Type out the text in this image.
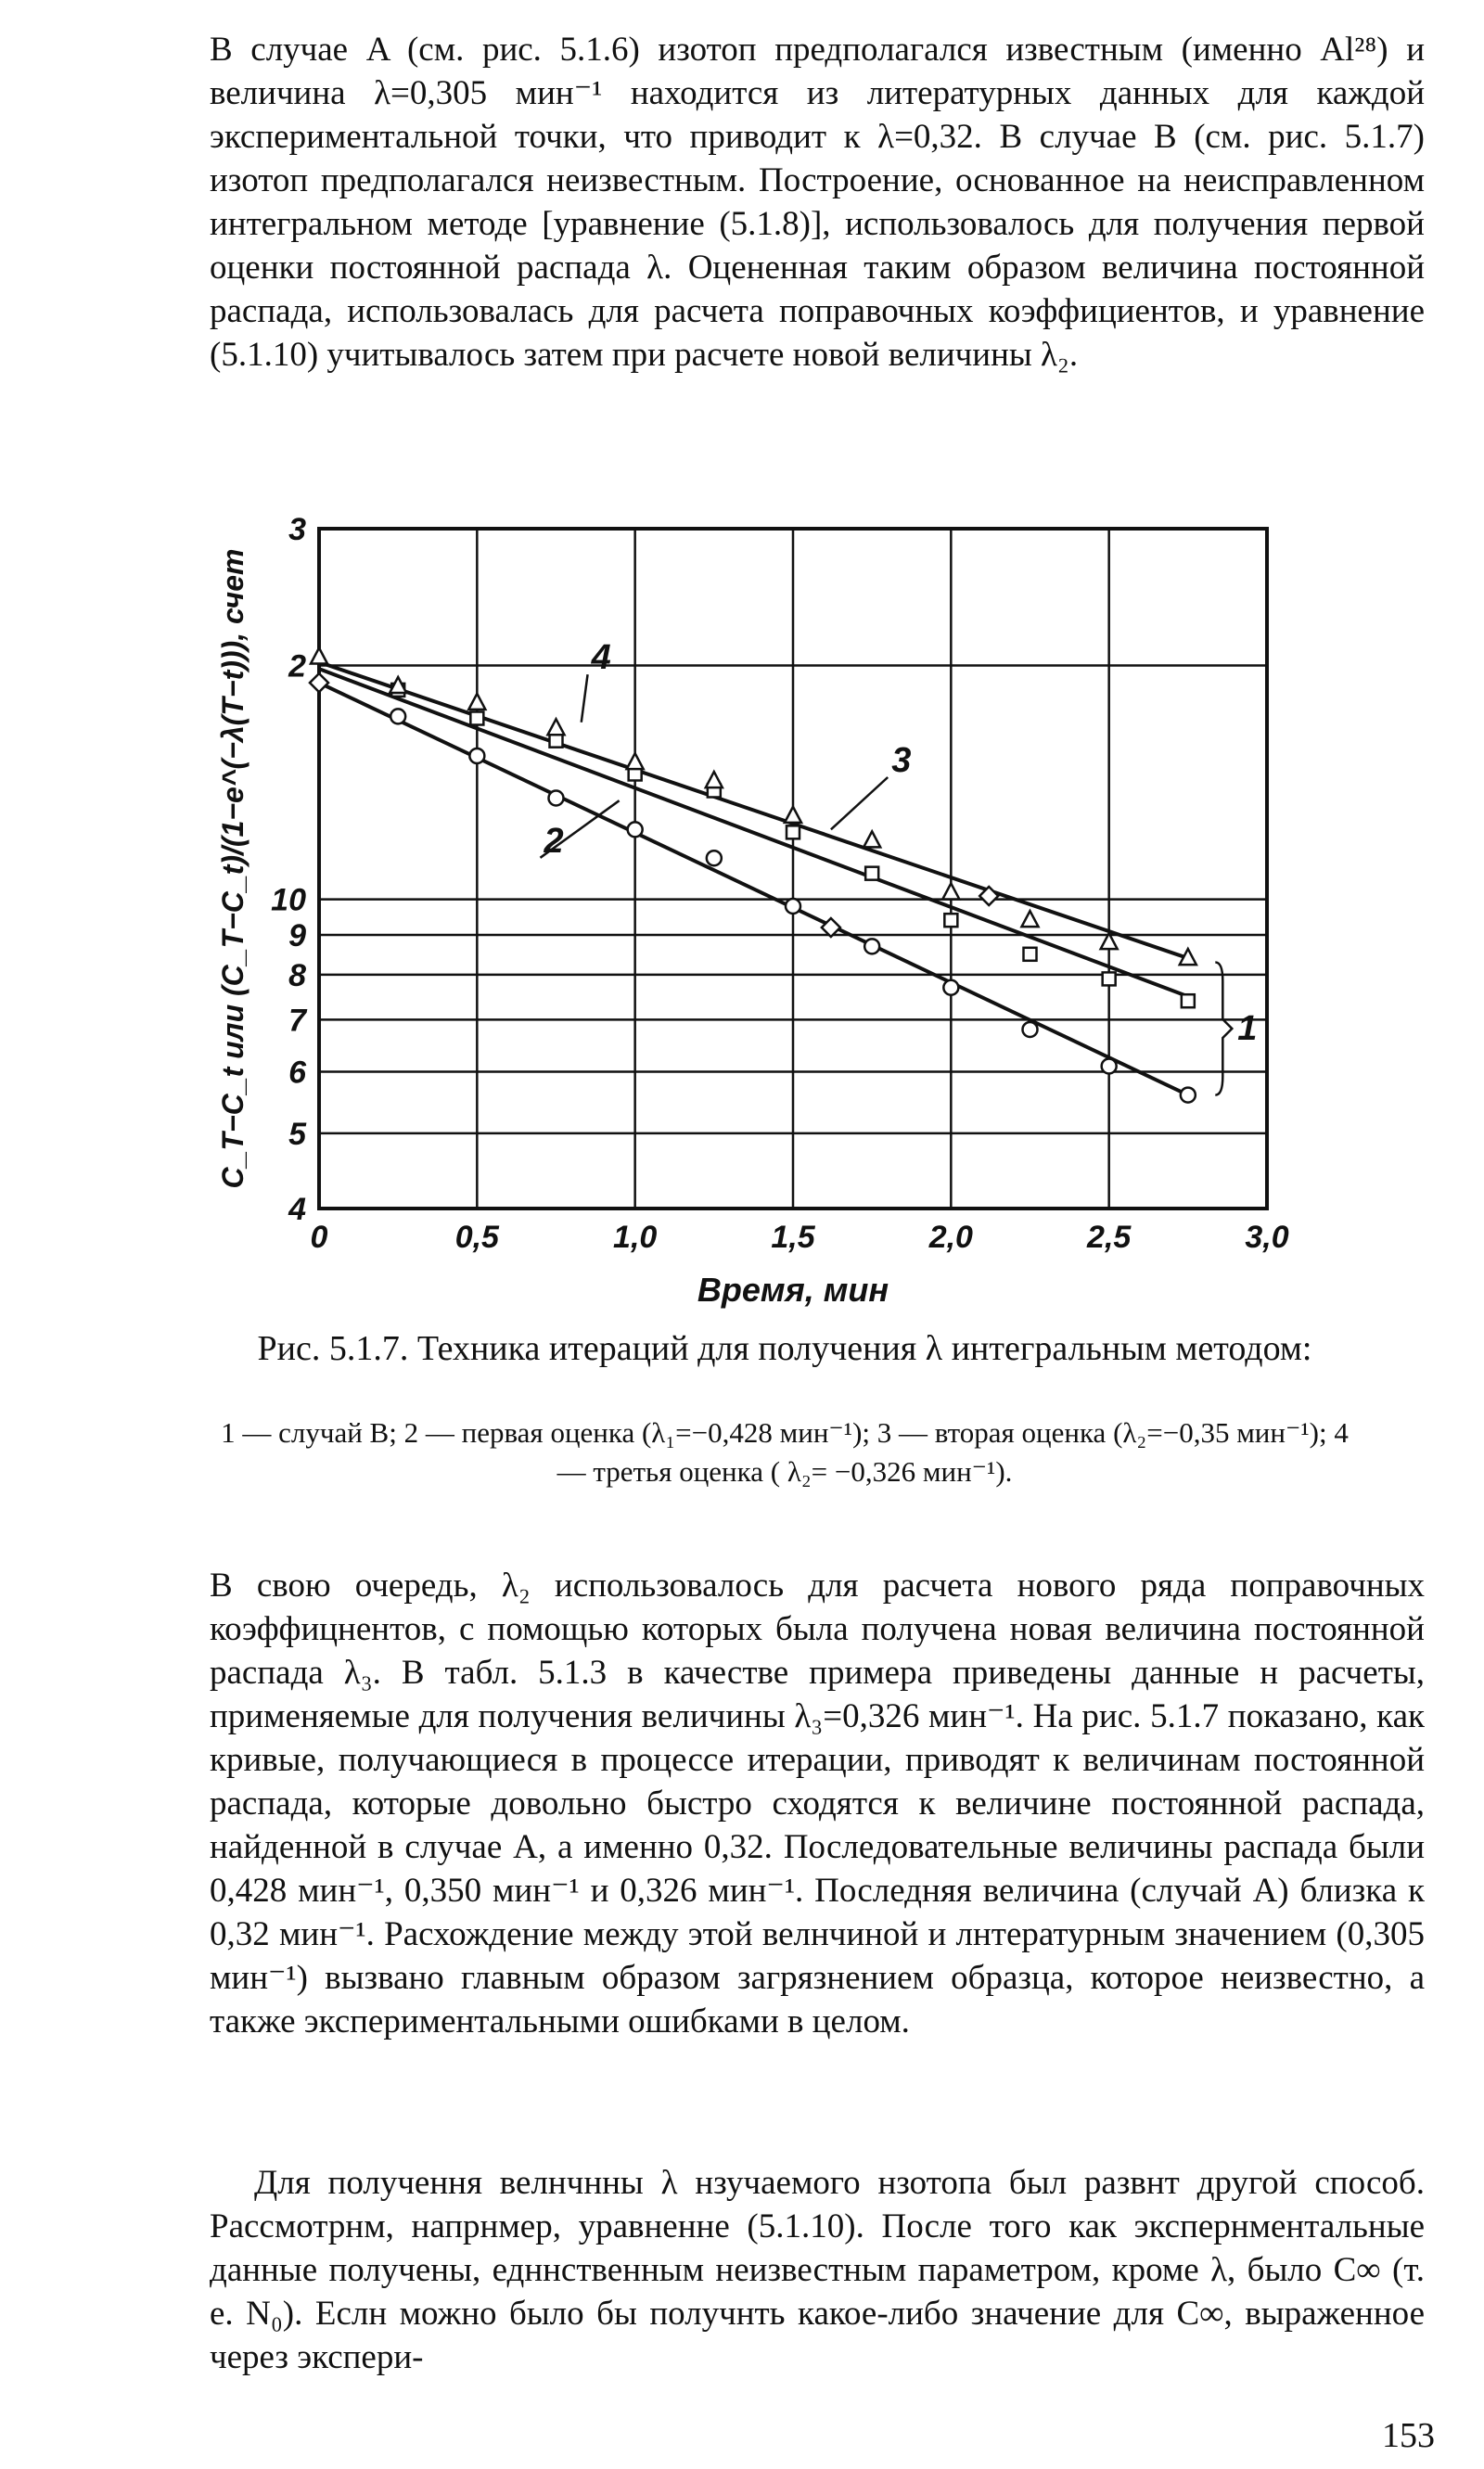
В случае A (см. рис. 5.1.6) изотоп предполагался известным (именно Al²⁸) и величина λ=0,305 мин⁻¹ находится из литературных данных для каждой экспериментальной точки, что приводит к λ=0,32. В случае B (см. рис. 5.1.7) изотоп предполагался неизвестным. Построение, основанное на неисправленном интегральном методе [уравнение (5.1.8)], использовалось для получения первой оценки постоянной распада λ. Оцененная таким образом величина постоянной распада, использовалась для расчета поправочных коэффициентов, и уравнение (5.1.10) учитывалось затем при расчете новой величины λ₂.

0	0,5	1,0	1,5	2,0	2,5	3,0
4
5
6
7
8
9
10
2
3
Время, мин
C_T−C_t или (C_T−C_t)/(1−e^(−λ(T−t))), счет	4
3
2
1

Рис. 5.1.7. Техника итераций для получения λ интегральным методом:

1 — случай B; 2 — первая оценка (λ₁=−0,428 мин⁻¹); 3 — вторая оценка (λ₂=−0,35 мин⁻¹); 4 — третья оценка ( λ₂= −0,326 мин⁻¹).

В свою очередь, λ₂ использовалось для расчета нового ряда поправочных коэффицнентов, с помощью которых была получена новая величина постоянной распада λ₃. В табл. 5.1.3 в качестве примера приведены данные н расчеты, применяемые для получения величины λ₃=0,326 мин⁻¹. На рис. 5.1.7 показано, как кривые, получающиеся в процессе итерации, приводят к величинам постоянной распада, которые довольно быстро сходятся к величине постоянной распада, найденной в случае A, а именно 0,32. Последовательные величины распада были 0,428 мин⁻¹, 0,350 мин⁻¹ и 0,326 мин⁻¹. Последняя величина (случай A) близка к 0,32 мин⁻¹. Расхождение между этой велнчиной и лнтературным значением (0,305 мин⁻¹) вызвано главным образом загрязнением образца, которое неизвестно, а также экспериментальными ошибками в целом.

Для получення велнчнны λ нзучаемого нзотопа был развнт другой способ. Рассмотрнм, напрнмер, уравненне (5.1.10). После того как экспернментальные данные получены, едннственным неизвестным параметром, кроме λ, было C∞ (т. е. N₀). Еслн можно было бы получнть какое-либо значение для C∞, выраженное через экспери-

153
